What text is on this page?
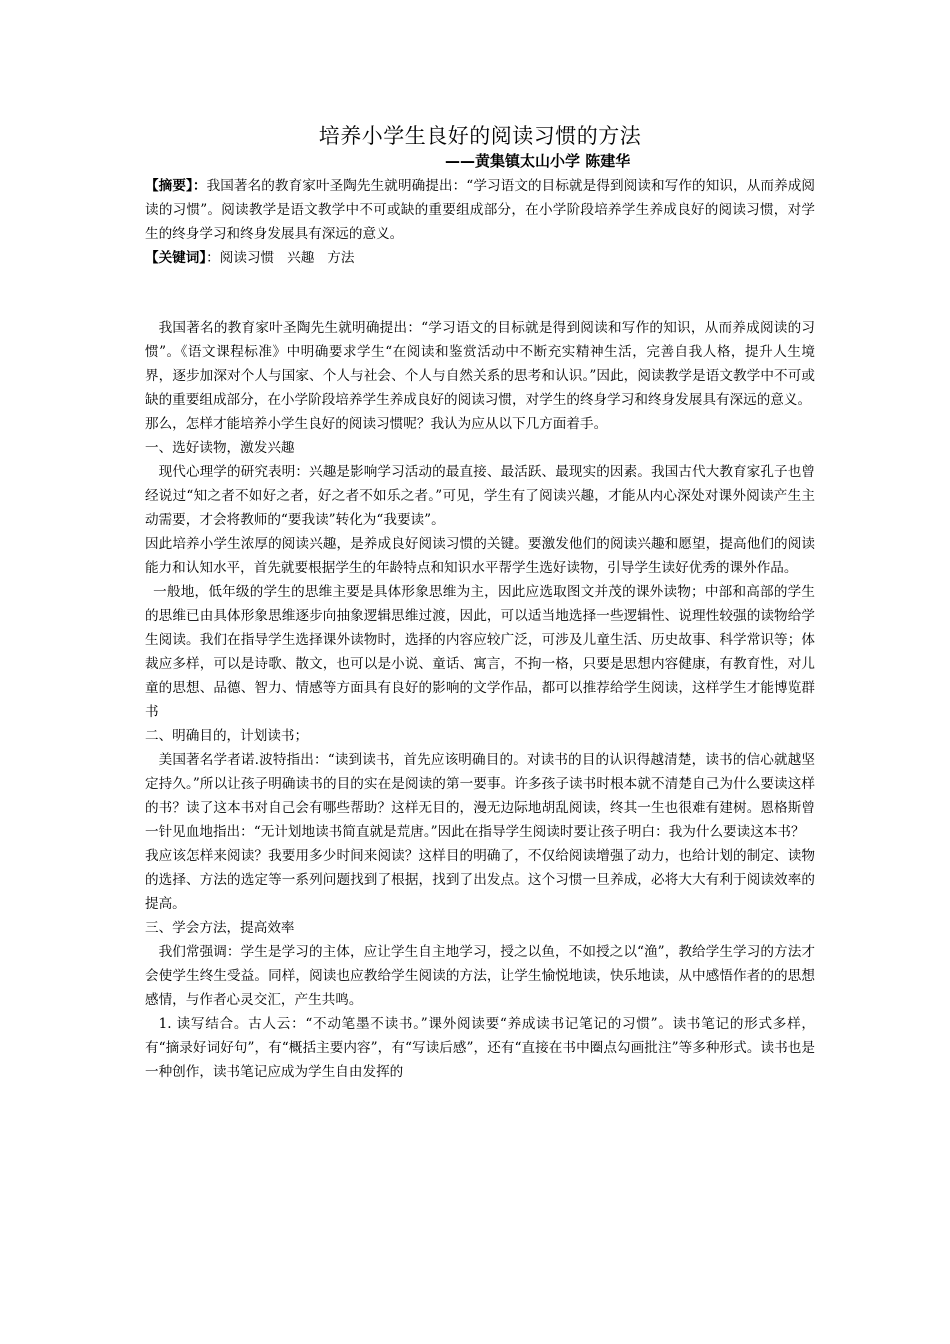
培养小学生良好的阅读习惯的方法
——黄集镇太山小学 陈建华

【摘要】：我国著名的教育家叶圣陶先生就明确提出：“学习语文的目标就是得到阅读和写作的知识，从而养成阅读的习惯”。阅读教学是语文教学中不可或缺的重要组成部分，在小学阶段培养学生养成良好的阅读习惯，对学生的终身学习和终身发展具有深远的意义。

【关键词】：阅读习惯   兴趣   方法

我国著名的教育家叶圣陶先生就明确提出：“学习语文的目标就是得到阅读和写作的知识，从而养成阅读的习惯”。《语文课程标准》中明确要求学生“在阅读和鉴赏活动中不断充实精神生活，完善自我人格，提升人生境界，逐步加深对个人与国家、个人与社会、个人与自然关系的思考和认识。”因此，阅读教学是语文教学中不可或缺的重要组成部分，在小学阶段培养学生养成良好的阅读习惯，对学生的终身学习和终身发展具有深远的意义。

那么，怎样才能培养小学生良好的阅读习惯呢？我认为应从以下几方面着手。

一、选好读物，激发兴趣

现代心理学的研究表明：兴趣是影响学习活动的最直接、最活跃、最现实的因素。我国古代大教育家孔子也曾经说过“知之者不如好之者，好之者不如乐之者。”可见，学生有了阅读兴趣，才能从内心深处对课外阅读产生主动需要，才会将教师的“要我读”转化为“我要读”。

因此培养小学生浓厚的阅读兴趣，是养成良好阅读习惯的关键。要激发他们的阅读兴趣和愿望，提高他们的阅读能力和认知水平，首先就要根据学生的年龄特点和知识水平帮学生选好读物，引导学生读好优秀的课外作品。

一般地，低年级的学生的思维主要是具体形象思维为主，因此应选取图文并茂的课外读物；中部和高部的学生的思维已由具体形象思维逐步向抽象逻辑思维过渡，因此，可以适当地选择一些逻辑性、说理性较强的读物给学生阅读。我们在指导学生选择课外读物时，选择的内容应较广泛，可涉及儿童生活、历史故事、科学常识等；体裁应多样，可以是诗歌、散文，也可以是小说、童话、寓言，不拘一格，只要是思想内容健康，有教育性，对儿童的思想、品德、智力、情感等方面具有良好的影响的文学作品，都可以推荐给学生阅读，这样学生才能博览群书

二、明确目的，计划读书；

美国著名学者诺.波特指出：“读到读书，首先应该明确目的。对读书的目的认识得越清楚，读书的信心就越坚定持久。”所以让孩子明确读书的目的实在是阅读的第一要事。许多孩子读书时根本就不清楚自己为什么要读这样的书？读了这本书对自己会有哪些帮助？这样无目的，漫无边际地胡乱阅读，终其一生也很难有建树。恩格斯曾一针见血地指出：“无计划地读书简直就是荒唐。”因此在指导学生阅读时要让孩子明白：我为什么要读这本书？

我应该怎样来阅读？我要用多少时间来阅读？这样目的明确了，不仅给阅读增强了动力，也给计划的制定、读物的选择、方法的选定等一系列问题找到了根据，找到了出发点。这个习惯一旦养成，必将大大有利于阅读效率的提高。

三、学会方法，提高效率

我们常强调：学生是学习的主体，应让学生自主地学习，授之以鱼，不如授之以“渔”，教给学生学习的方法才会使学生终生受益。同样，阅读也应教给学生阅读的方法，让学生愉悦地读，快乐地读，从中感悟作者的的思想感情，与作者心灵交汇，产生共鸣。

1. 读写结合。古人云：“不动笔墨不读书。”课外阅读要“养成读书记笔记的习惯”。读书笔记的形式多样，有“摘录好词好句”，有“概括主要内容”，有“写读后感”，还有“直接在书中圈点勾画批注”等多种形式。读书也是一种创作，读书笔记应成为学生自由发挥的
